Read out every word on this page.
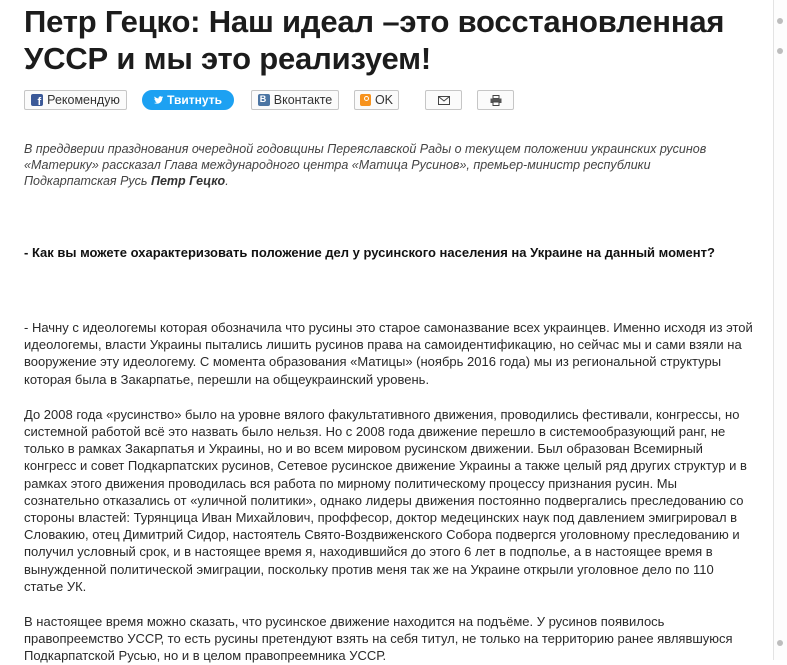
Петр Гецко: Наш идеал –это восстановленная УССР и мы это реализуем!
f
Рекомендую	Твитнуть
B	Вконтакте	OK
В преддверии празднования очередной годовщины Переяславской Рады о текущем положении украинских русинов «Материку» рассказал Глава международного центра «Матица Русинов», премьер-министр республики Подкарпатская Русь Петр Гецко.
- Как вы можете охарактеризовать положение дел у русинского населения на Украине на данный момент?

- Начну с идеологемы которая обозначила что русины это старое самоназвание всех украинцев. Именно исходя из этой идеологемы, власти Украины пытались лишить русинов права на самоидентификацию, но сейчас мы и сами взяли на вооружение эту идеологему. С момента образования «Матицы» (ноябрь 2016 года) мы из региональной структуры которая была в Закарпатье, перешли на общеукраинский уровень.

До 2008 года «русинство» было на уровне вялого факультативного движения, проводились фестивали, конгрессы, но системной работой всё это назвать было нельзя. Но с 2008 года движение перешло в системообразующий ранг, не только в рамках Закарпатья и Украины, но и во всем мировом русинском движении. Был образован Всемирный конгресс и совет Подкарпатских русинов, Сетевое русинское движение Украины а также целый ряд других структур и в рамках этого движения проводилась вся работа по мирному политическому процессу признания русин. Мы сознательно отказались от «уличной политики», однако лидеры движения постоянно подвергались преследованию со стороны властей: Турянцица Иван Михайлович, проффесор, доктор медецинских наук под давлением эмигрировал в Словакию, отец Димитрий Сидор, настоятель Свято-Воздвиженского Собора подвергся уголовному преследованию и получил условный срок, и в настоящее время я, находившийся до этого 6 лет в подполье, а в настоящее время в вынужденной политической эмиграции, поскольку против меня так же на Украине открыли уголовное дело по 110 статье УК.

В настоящее время можно сказать, что русинское движение находится на подъёме. У русинов появилось правопреемство УССР, то есть русины претендуют взять на себя титул, не только на территорию ранее являвшуюся Подкарпатской Русью, но и в целом правопреемника УССР.
